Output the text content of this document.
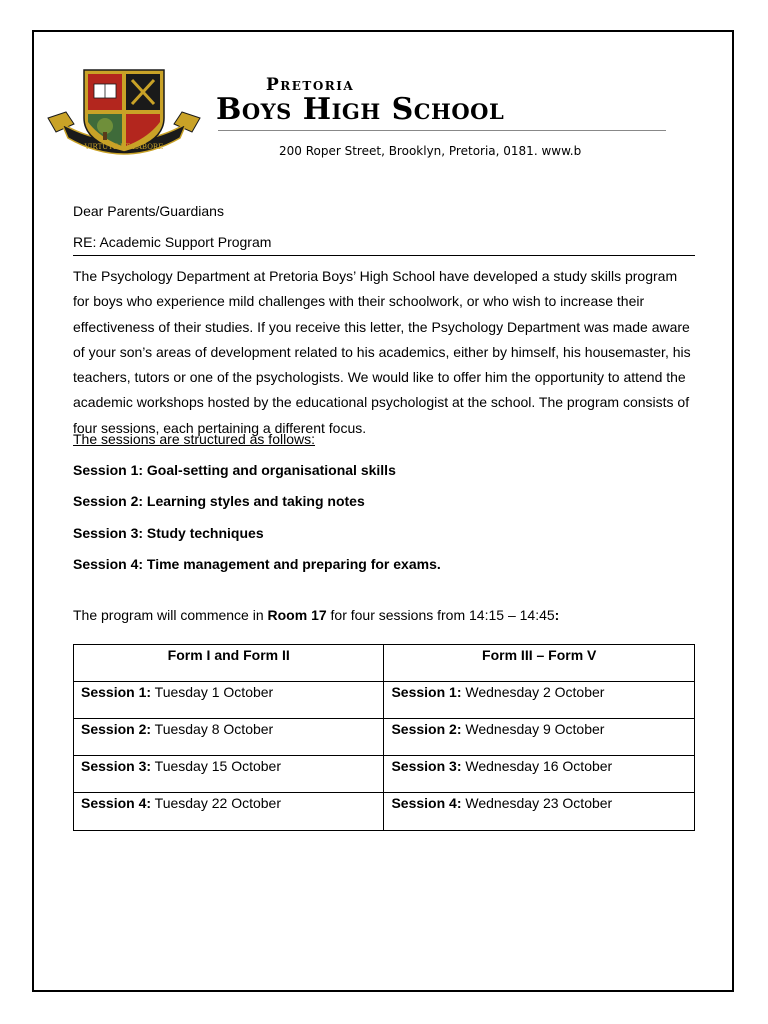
VIRTUTE ET LABORE
Pretoria
Boys High School
200 Roper Street, Brooklyn, Pretoria, 0181. www.b
Dear Parents/Guardians
RE: Academic Support Program
The Psychology Department at Pretoria Boys’ High School have developed a study skills program for boys who experience mild challenges with their schoolwork, or who wish to increase their effectiveness of their studies. If you receive this letter, the Psychology Department was made aware of your son’s areas of development related to his academics, either by himself, his housemaster, his teachers, tutors or one of the psychologists. We would like to offer him the opportunity to attend the academic workshops hosted by the educational psychologist at the school. The program consists of four sessions, each pertaining a different focus.
The sessions are structured as follows:
Session 1: Goal-setting and organisational skills
Session 2: Learning styles and taking notes
Session 3: Study techniques
Session 4: Time management and preparing for exams.
The program will commence in Room 17 for four sessions from 14:15 – 14:45:
Form I and Form II	Form III – Form V
Session 1: Tuesday 1 October	Session 1: Wednesday 2 October
Session 2: Tuesday 8 October	Session 2: Wednesday 9 October
Session 3: Tuesday 15 October	Session 3: Wednesday 16 October
Session 4: Tuesday 22 October	Session 4: Wednesday 23 October
